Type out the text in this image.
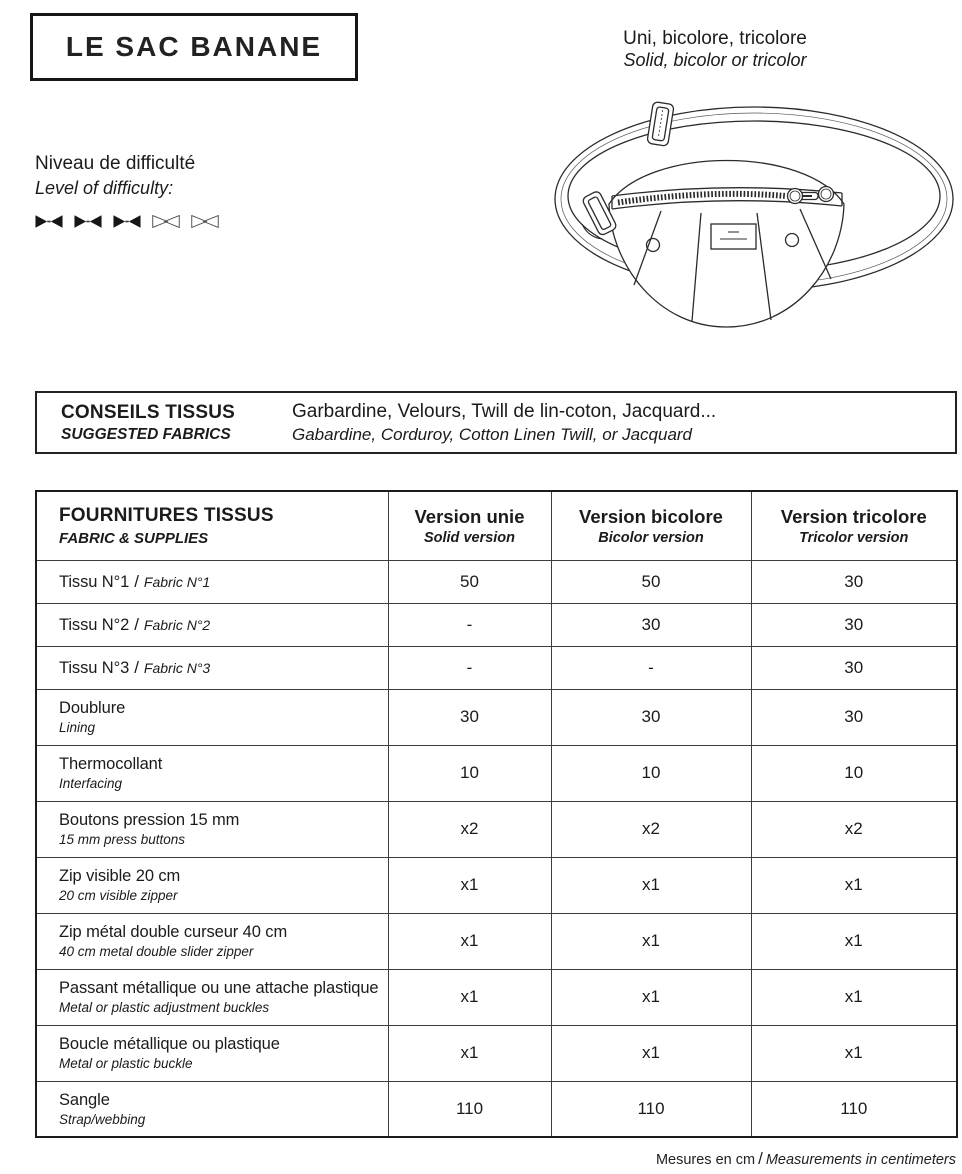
LE SAC BANANE	Uni, bicolore, tricolore
Solid, bicolor or tricolor
Niveau de difficulté
Level of difficulty:
CONSEILS TISSUS
SUGGESTED FABRICS
Garbardine, Velours, Twill de lin-coton, Jacquard...
Gabardine, Corduroy, Cotton Linen Twill, or Jacquard
FOURNITURES TISSUS
FABRIC & SUPPLIES

Version unie
Solid version

Version bicolore
Bicolor version

Version tricolore
Tricolor version

Tissu N°1 / Fabric N°1	50	50	30
Tissu N°2 / Fabric N°2	-	30	30
Tissu N°3 / Fabric N°3	-	-	30

Doublure
Lining	30	30	30

Thermocollant
Interfacing	10	10	10

Boutons pression 15 mm
15 mm press buttons	x2	x2	x2

Zip visible 20 cm
20 cm visible zipper	x1	x1	x1

Zip métal double curseur 40 cm
40 cm metal double slider zipper	x1	x1	x1

Passant métallique ou une attache plastique
Metal or plastic adjustment buckles	x1	x1	x1

Boucle métallique ou plastique
Metal or plastic buckle	x1	x1	x1

Sangle
Strap/webbing	110	110	110
Mesures en cm / Measurements in centimeters
